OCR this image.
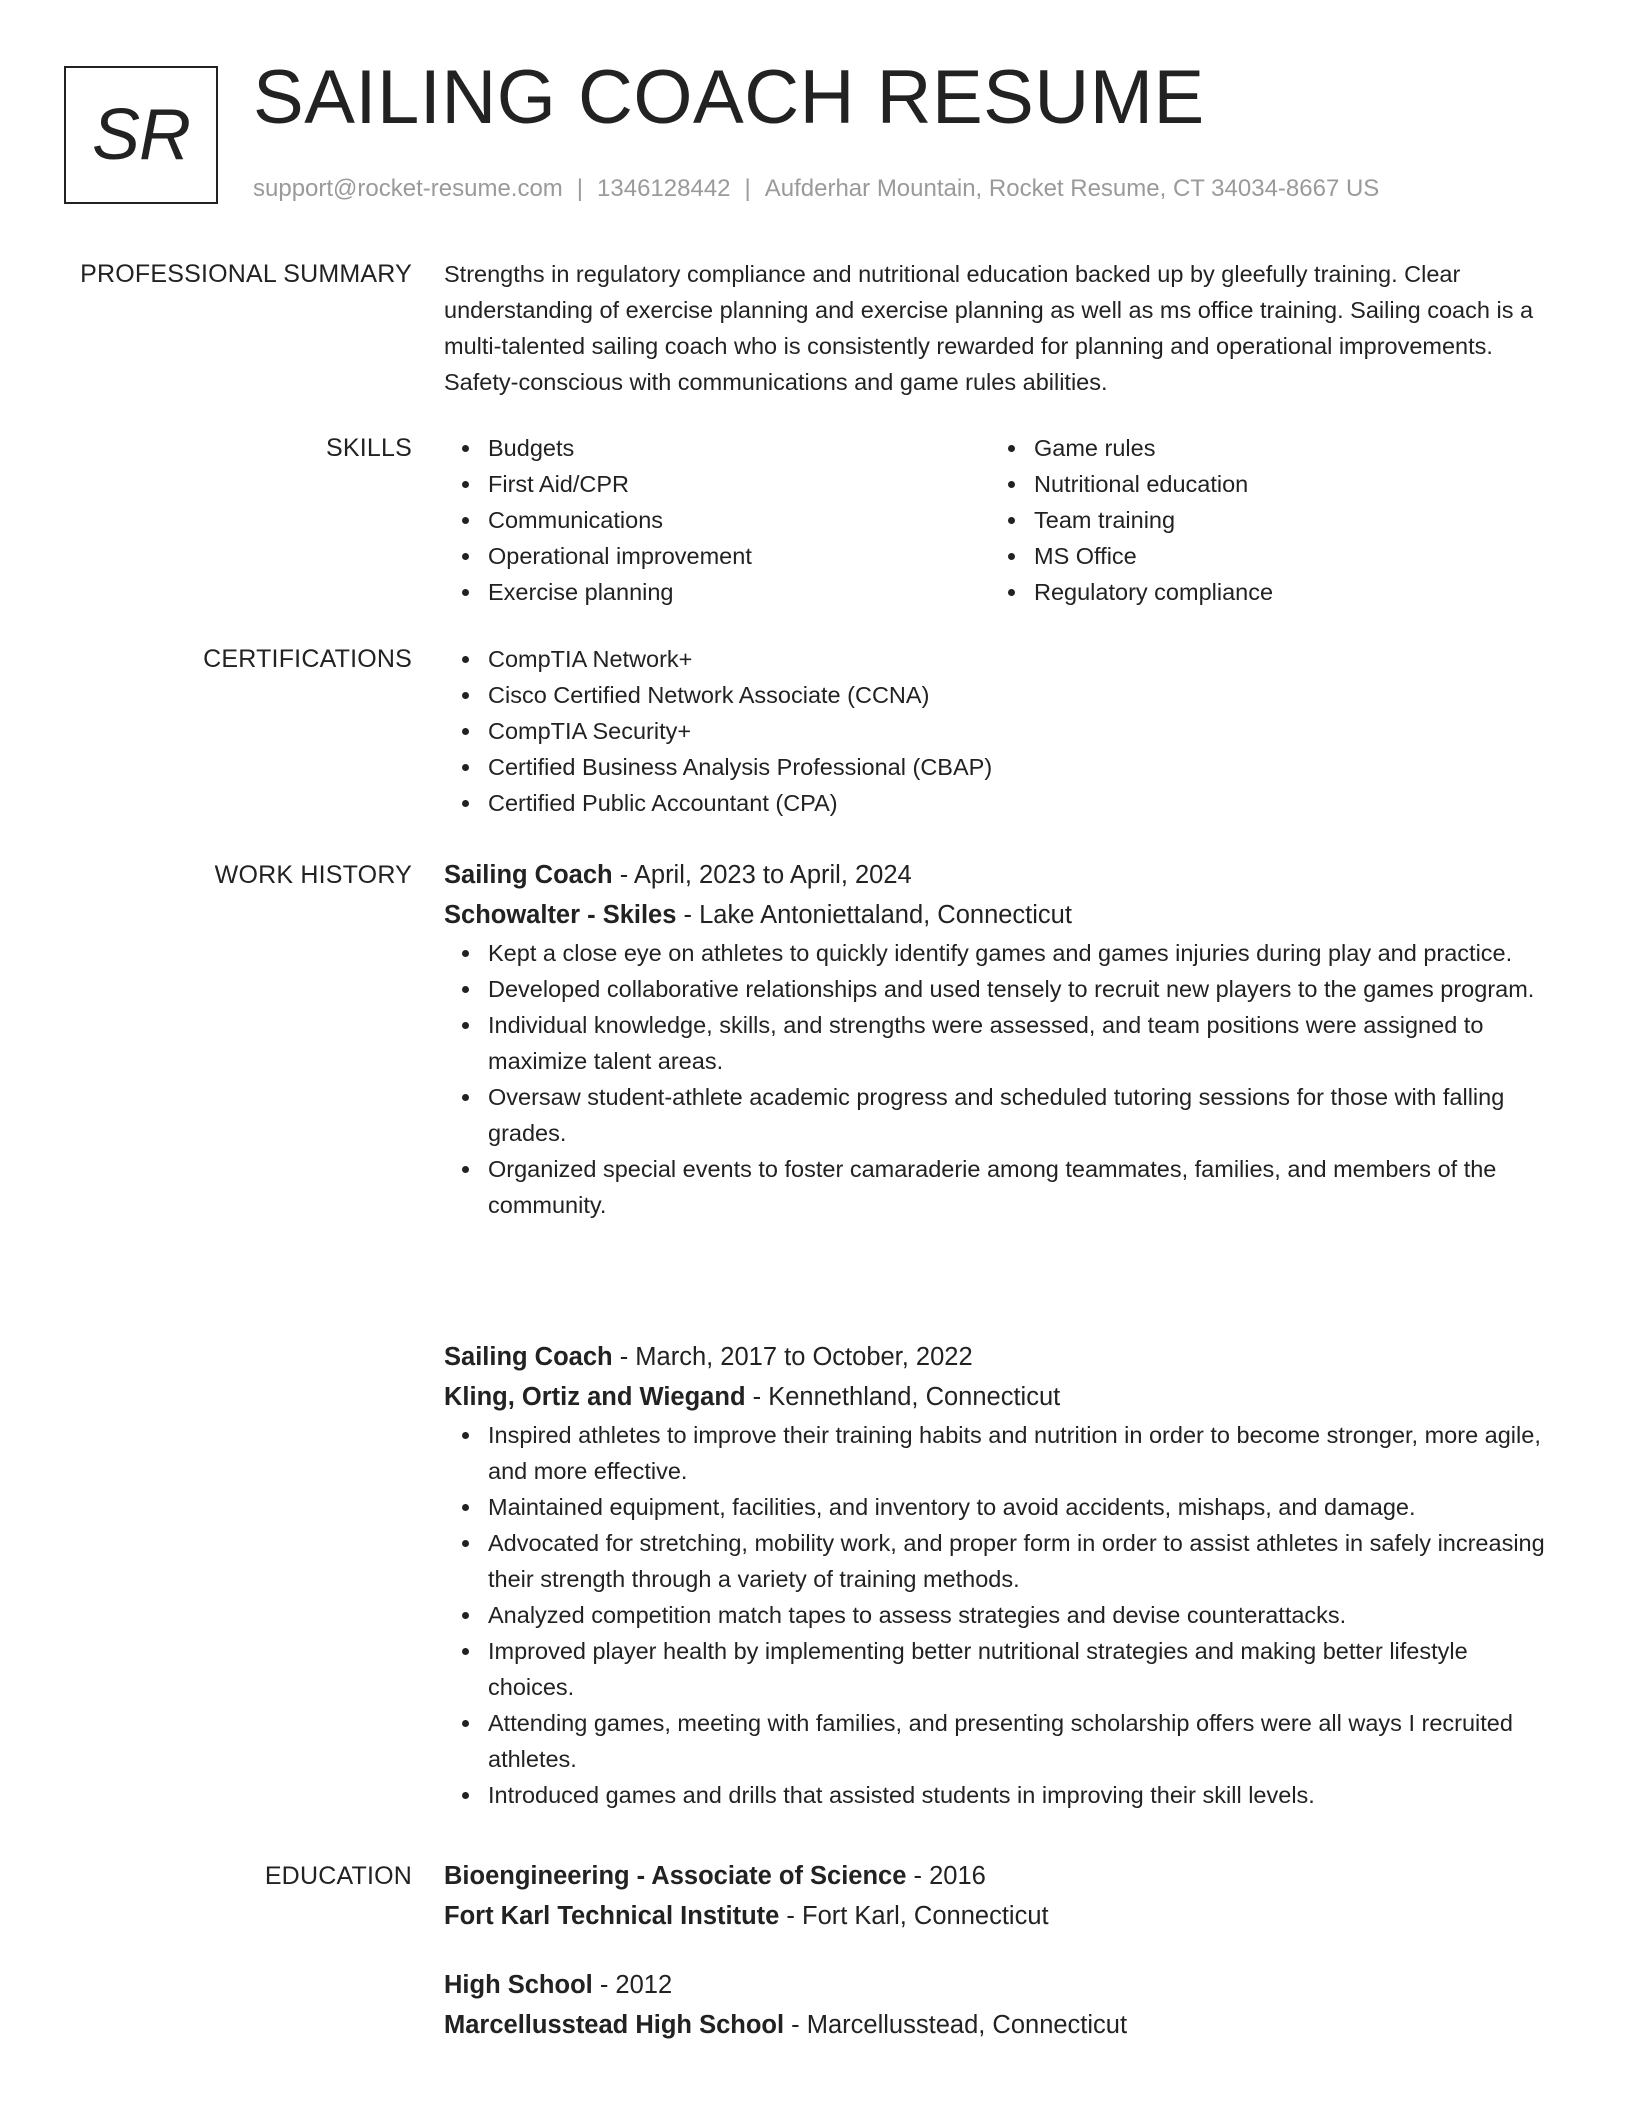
SR SAILING COACH RESUME
support@rocket-resume.com | 1346128442 | Aufderhar Mountain, Rocket Resume, CT 34034-8667 US
PROFESSIONAL SUMMARY Strengths in regulatory compliance and nutritional education backed up by gleefully training. Clear understanding of exercise planning and exercise planning as well as ms office training. Sailing coach is a multi-talented sailing coach who is consistently rewarded for planning and operational improvements. Safety-conscious with communications and game rules abilities.

SKILLS	Budgets
First Aid/CPR
Communications
Operational improvement
Exercise planning
Game rules
Nutritional education
Team training
MS Office
Regulatory compliance
CERTIFICATIONS	CompTIA Network+
Cisco Certified Network Associate (CCNA)
CompTIA Security+
Certified Business Analysis Professional (CBAP)
Certified Public Accountant (CPA)
WORK HISTORY Sailing Coach - April, 2023 to April, 2024
Schowalter - Skiles - Lake Antoniettaland, Connecticut
Kept a close eye on athletes to quickly identify games and games injuries during play and practice.
Developed collaborative relationships and used tensely to recruit new players to the games program.
Individual knowledge, skills, and strengths were assessed, and team positions were assigned to maximize talent areas.
Oversaw student-athlete academic progress and scheduled tutoring sessions for those with falling grades.
Organized special events to foster camaraderie among teammates, families, and members of the community.
Sailing Coach - March, 2017 to October, 2022
Kling, Ortiz and Wiegand - Kennethland, Connecticut
Inspired athletes to improve their training habits and nutrition in order to become stronger, more agile, and more effective.
Maintained equipment, facilities, and inventory to avoid accidents, mishaps, and damage.
Advocated for stretching, mobility work, and proper form in order to assist athletes in safely increasing their strength through a variety of training methods.
Analyzed competition match tapes to assess strategies and devise counterattacks.
Improved player health by implementing better nutritional strategies and making better lifestyle choices.
Attending games, meeting with families, and presenting scholarship offers were all ways I recruited athletes.
Introduced games and drills that assisted students in improving their skill levels.
EDUCATION Bioengineering - Associate of Science - 2016
Fort Karl Technical Institute - Fort Karl, Connecticut
High School - 2012
Marcellusstead High School - Marcellusstead, Connecticut
